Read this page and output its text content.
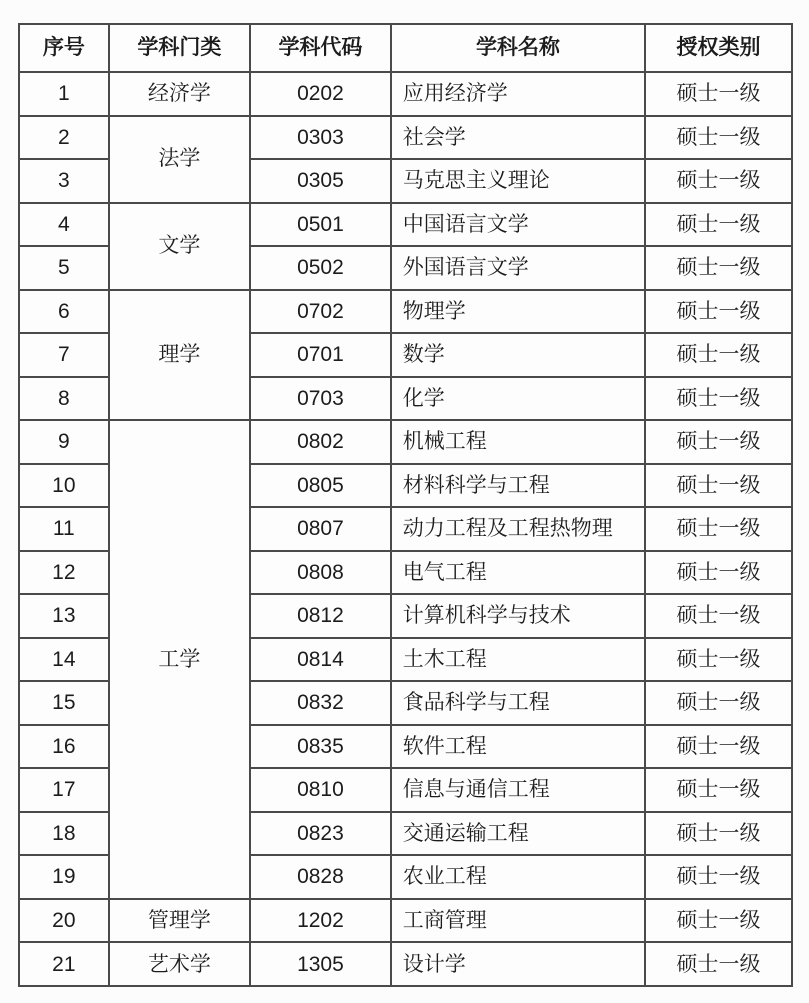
序号	学科门类	学科代码	学科名称	授权类别
1	经济学	0202	应用经济学	硕士一级
2	法学	0303	社会学	硕士一级
3		0305	马克思主义理论	硕士一级
4	文学	0501	中国语言文学	硕士一级
5		0502	外国语言文学	硕士一级
6	理学	0702	物理学	硕士一级
7		0701	数学	硕士一级
8		0703	化学	硕士一级
9	工学	0802	机械工程	硕士一级
10		0805	材料科学与工程	硕士一级
11		0807	动力工程及工程热物理	硕士一级
12		0808	电气工程	硕士一级
13		0812	计算机科学与技术	硕士一级
14		0814	土木工程	硕士一级
15		0832	食品科学与工程	硕士一级
16		0835	软件工程	硕士一级
17		0810	信息与通信工程	硕士一级
18		0823	交通运输工程	硕士一级
19		0828	农业工程	硕士一级
20	管理学	1202	工商管理	硕士一级
21	艺术学	1305	设计学	硕士一级
